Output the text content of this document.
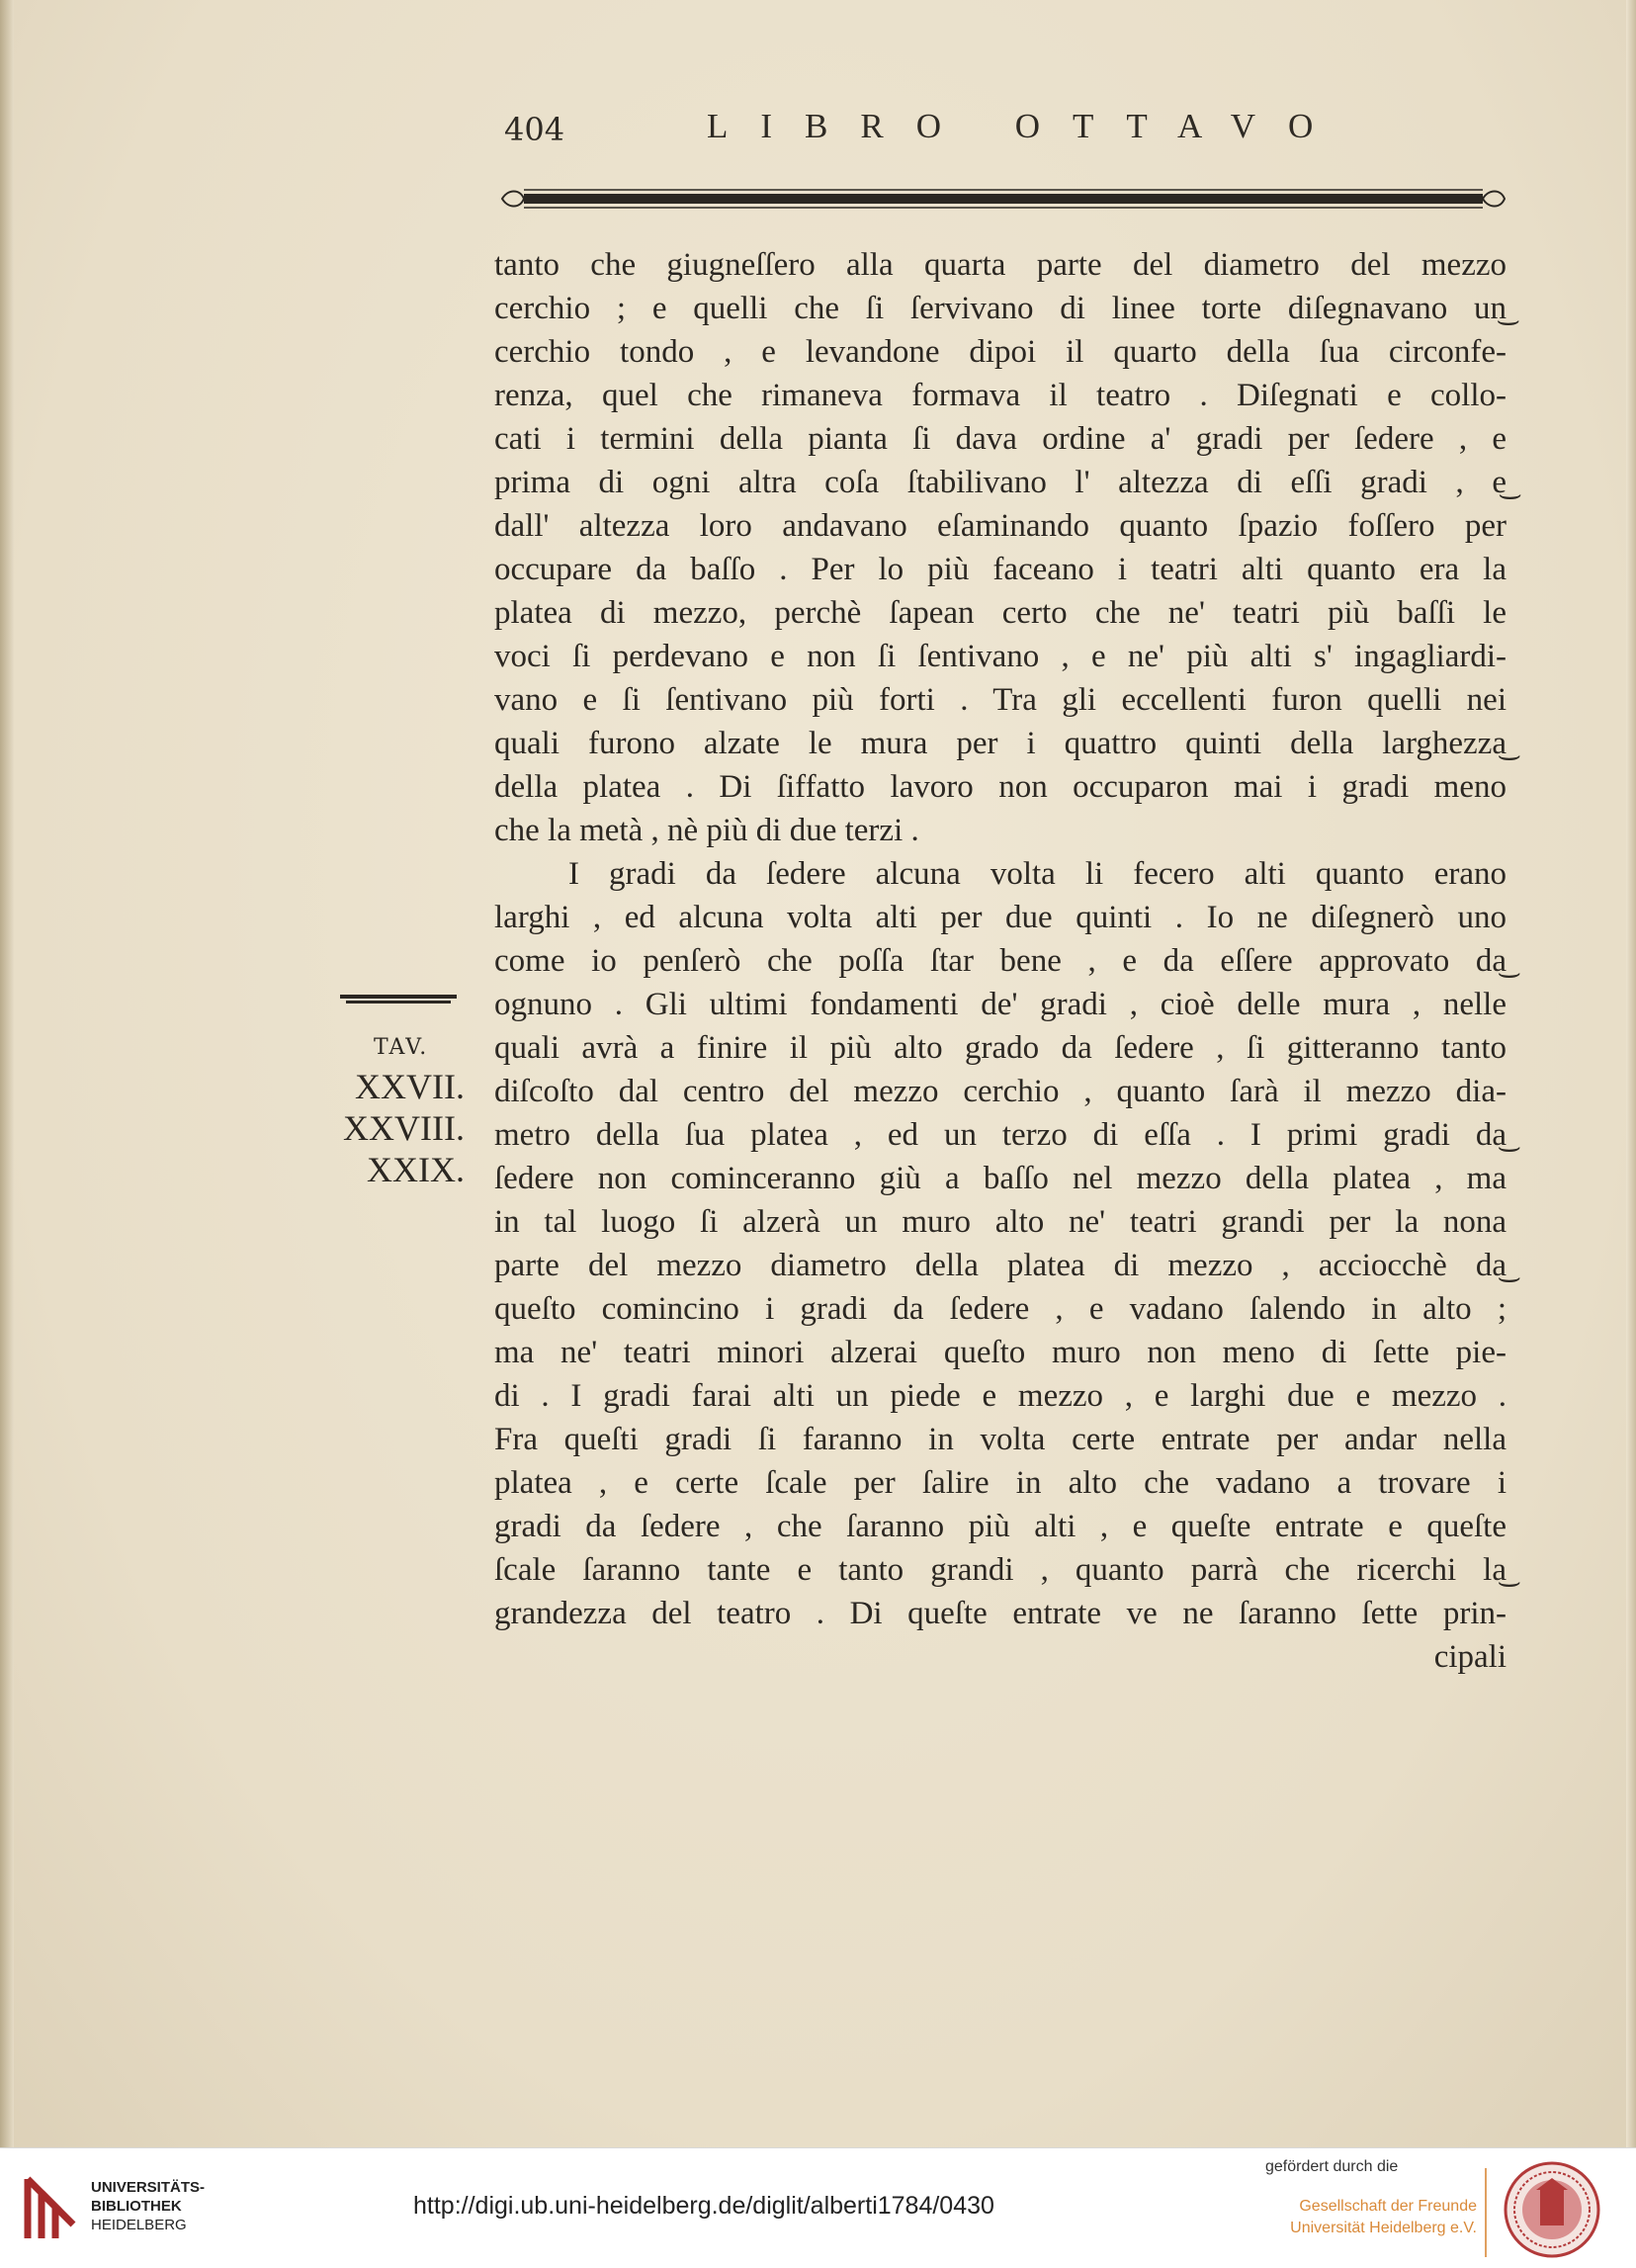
404	LIBRO OTTAVO
TAV.
XXVII.
XXVIII.
XXIX.
tanto che giugneſſero alla quarta parte del diametro del mezzo
cerchio ; e quelli che ſi ſervivano di linee torte diſegnavano un͜
cerchio tondo , e levandone dipoi il quarto della ſua circonfe-
renza, quel che rimaneva formava il teatro . Diſegnati e collo-
cati i termini della pianta ſi dava ordine a' gradi per ſedere , e
prima di ogni altra coſa ſtabilivano l' altezza di eſſi gradi , e͜
dall' altezza loro andavano eſaminando quanto ſpazio foſſero per
occupare da baſſo . Per lo più faceano i teatri alti quanto era la
platea di mezzo, perchè ſapean certo che ne' teatri più baſſi le
voci ſi perdevano e non ſi ſentivano , e ne' più alti s' ingagliardi-
vano e ſi ſentivano più forti . Tra gli eccellenti furon quelli nei
quali furono alzate le mura per i quattro quinti della larghezza͜
della platea . Di ſiffatto lavoro non occuparon mai i gradi meno
che la metà , nè più di due terzi .
I gradi da ſedere alcuna volta li fecero alti quanto erano
larghi , ed alcuna volta alti per due quinti . Io ne diſegnerò uno
come io penſerò che poſſa ſtar bene , e da eſſere approvato da͜
ognuno . Gli ultimi fondamenti de' gradi , cioè delle mura , nelle
quali avrà a finire il più alto grado da ſedere , ſi gitteranno tanto
diſcoſto dal centro del mezzo cerchio , quanto ſarà il mezzo dia-
metro della ſua platea , ed un terzo di eſſa . I primi gradi da͜
ſedere non cominceranno giù a baſſo nel mezzo della platea , ma
in tal luogo ſi alzerà un muro alto ne' teatri grandi per la nona
parte del mezzo diametro della platea di mezzo , acciocchè da͜
queſto comincino i gradi da ſedere , e vadano ſalendo in alto ;
ma ne' teatri minori alzerai queſto muro non meno di ſette pie-
di . I gradi farai alti un piede e mezzo , e larghi due e mezzo .
Fra queſti gradi ſi faranno in volta certe entrate per andar nella
platea , e certe ſcale per ſalire in alto che vadano a trovare i
gradi da ſedere , che ſaranno più alti , e queſte entrate e queſte
ſcale ſaranno tante e tanto grandi , quanto parrà che ricerchi la͜
grandezza del teatro . Di queſte entrate ve ne ſaranno ſette prin-
cipali
UNIVERSITÄTS-
BIBLIOTHEK
HEIDELBERG
http://digi.ub.uni-heidelberg.de/diglit/alberti1784/0430
gefördert durch die
Gesellschaft der Freunde
Universität Heidelberg e.V.
